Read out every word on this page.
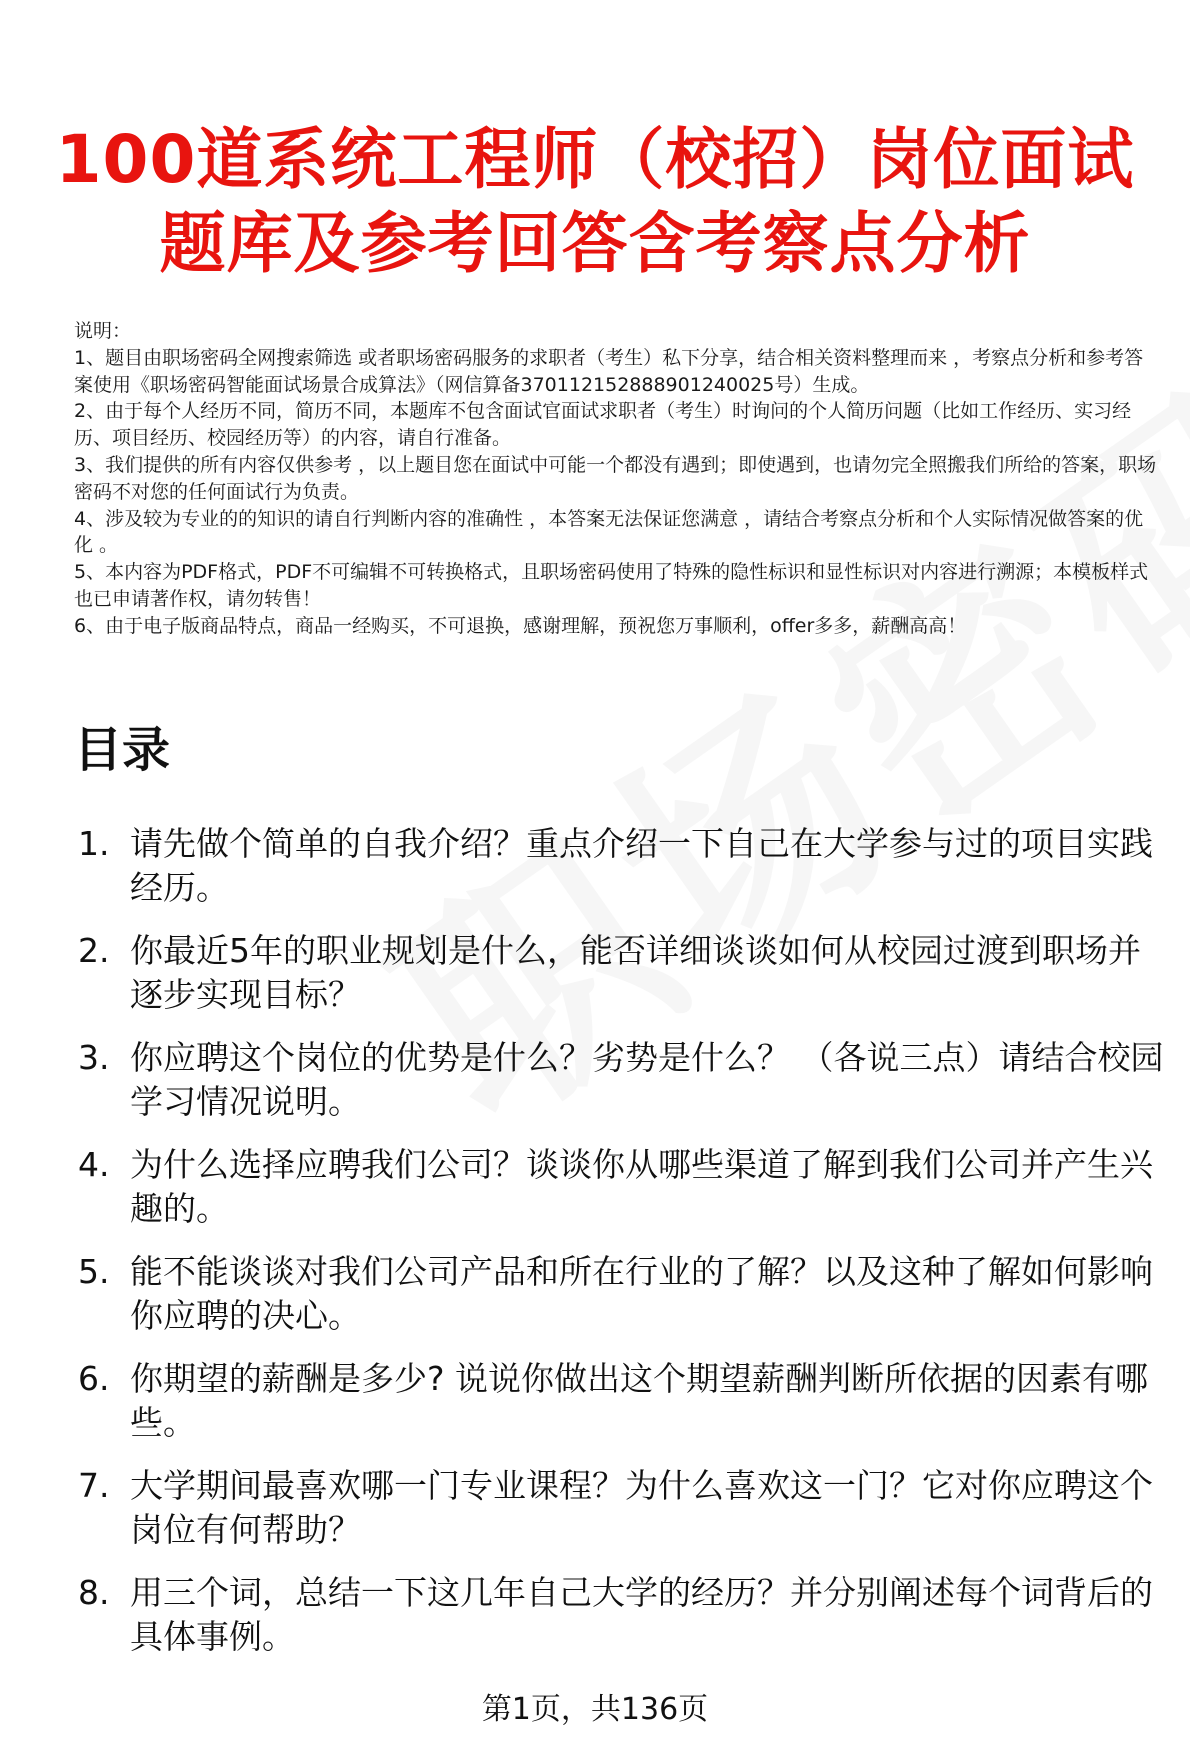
100道系统工程师（校招）岗位面试
题库及参考回答含考察点分析

说明：

1、题目由职场密码全网搜索筛选 或者职场密码服务的求职者（考生）私下分享，结合相关资料整理而来 ，考察点分析和参考答案使用《职场密码智能面试场景合成算法》（网信算备370112152888901240025号）生成。

2、由于每个人经历不同，简历不同，本题库不包含面试官面试求职者（考生）时询问的个人简历问题（比如工作经历、实习经历、项目经历、校园经历等）的内容，请自行准备。

3、我们提供的所有内容仅供参考 ，以上题目您在面试中可能一个都没有遇到；即使遇到，也请勿完全照搬我们所给的答案，职场密码不对您的任何面试行为负责。

4、涉及较为专业的的知识的请自行判断内容的准确性 ，本答案无法保证您满意 ，请结合考察点分析和个人实际情况做答案的优化 。

5、本内容为PDF格式，PDF不可编辑不可转换格式，且职场密码使用了特殊的隐性标识和显性标识对内容进行溯源；本模板样式也已申请著作权，请勿转售！

6、由于电子版商品特点，商品一经购买，不可退换，感谢理解，预祝您万事顺利，offer多多，薪酬高高！

目录
1. 请先做个简单的自我介绍？重点介绍一下自己在大学参与过的项目实践经历。
2. 你最近5年的职业规划是什么，能否详细谈谈如何从校园过渡到职场并逐步实现目标？
3. 你应聘这个岗位的优势是什么？劣势是什么？ （各说三点）请结合校园学习情况说明。
4. 为什么选择应聘我们公司？谈谈你从哪些渠道了解到我们公司并产生兴趣的。
5. 能不能谈谈对我们公司产品和所在行业的了解？以及这种了解如何影响你应聘的决心。
6. 你期望的薪酬是多少? 说说你做出这个期望薪酬判断所依据的因素有哪些。
7. 大学期间最喜欢哪一门专业课程？为什么喜欢这一门？它对你应聘这个岗位有何帮助？
8. 用三个词，总结一下这几年自己大学的经历？并分别阐述每个词背后的具体事例。
第1页，共136页
